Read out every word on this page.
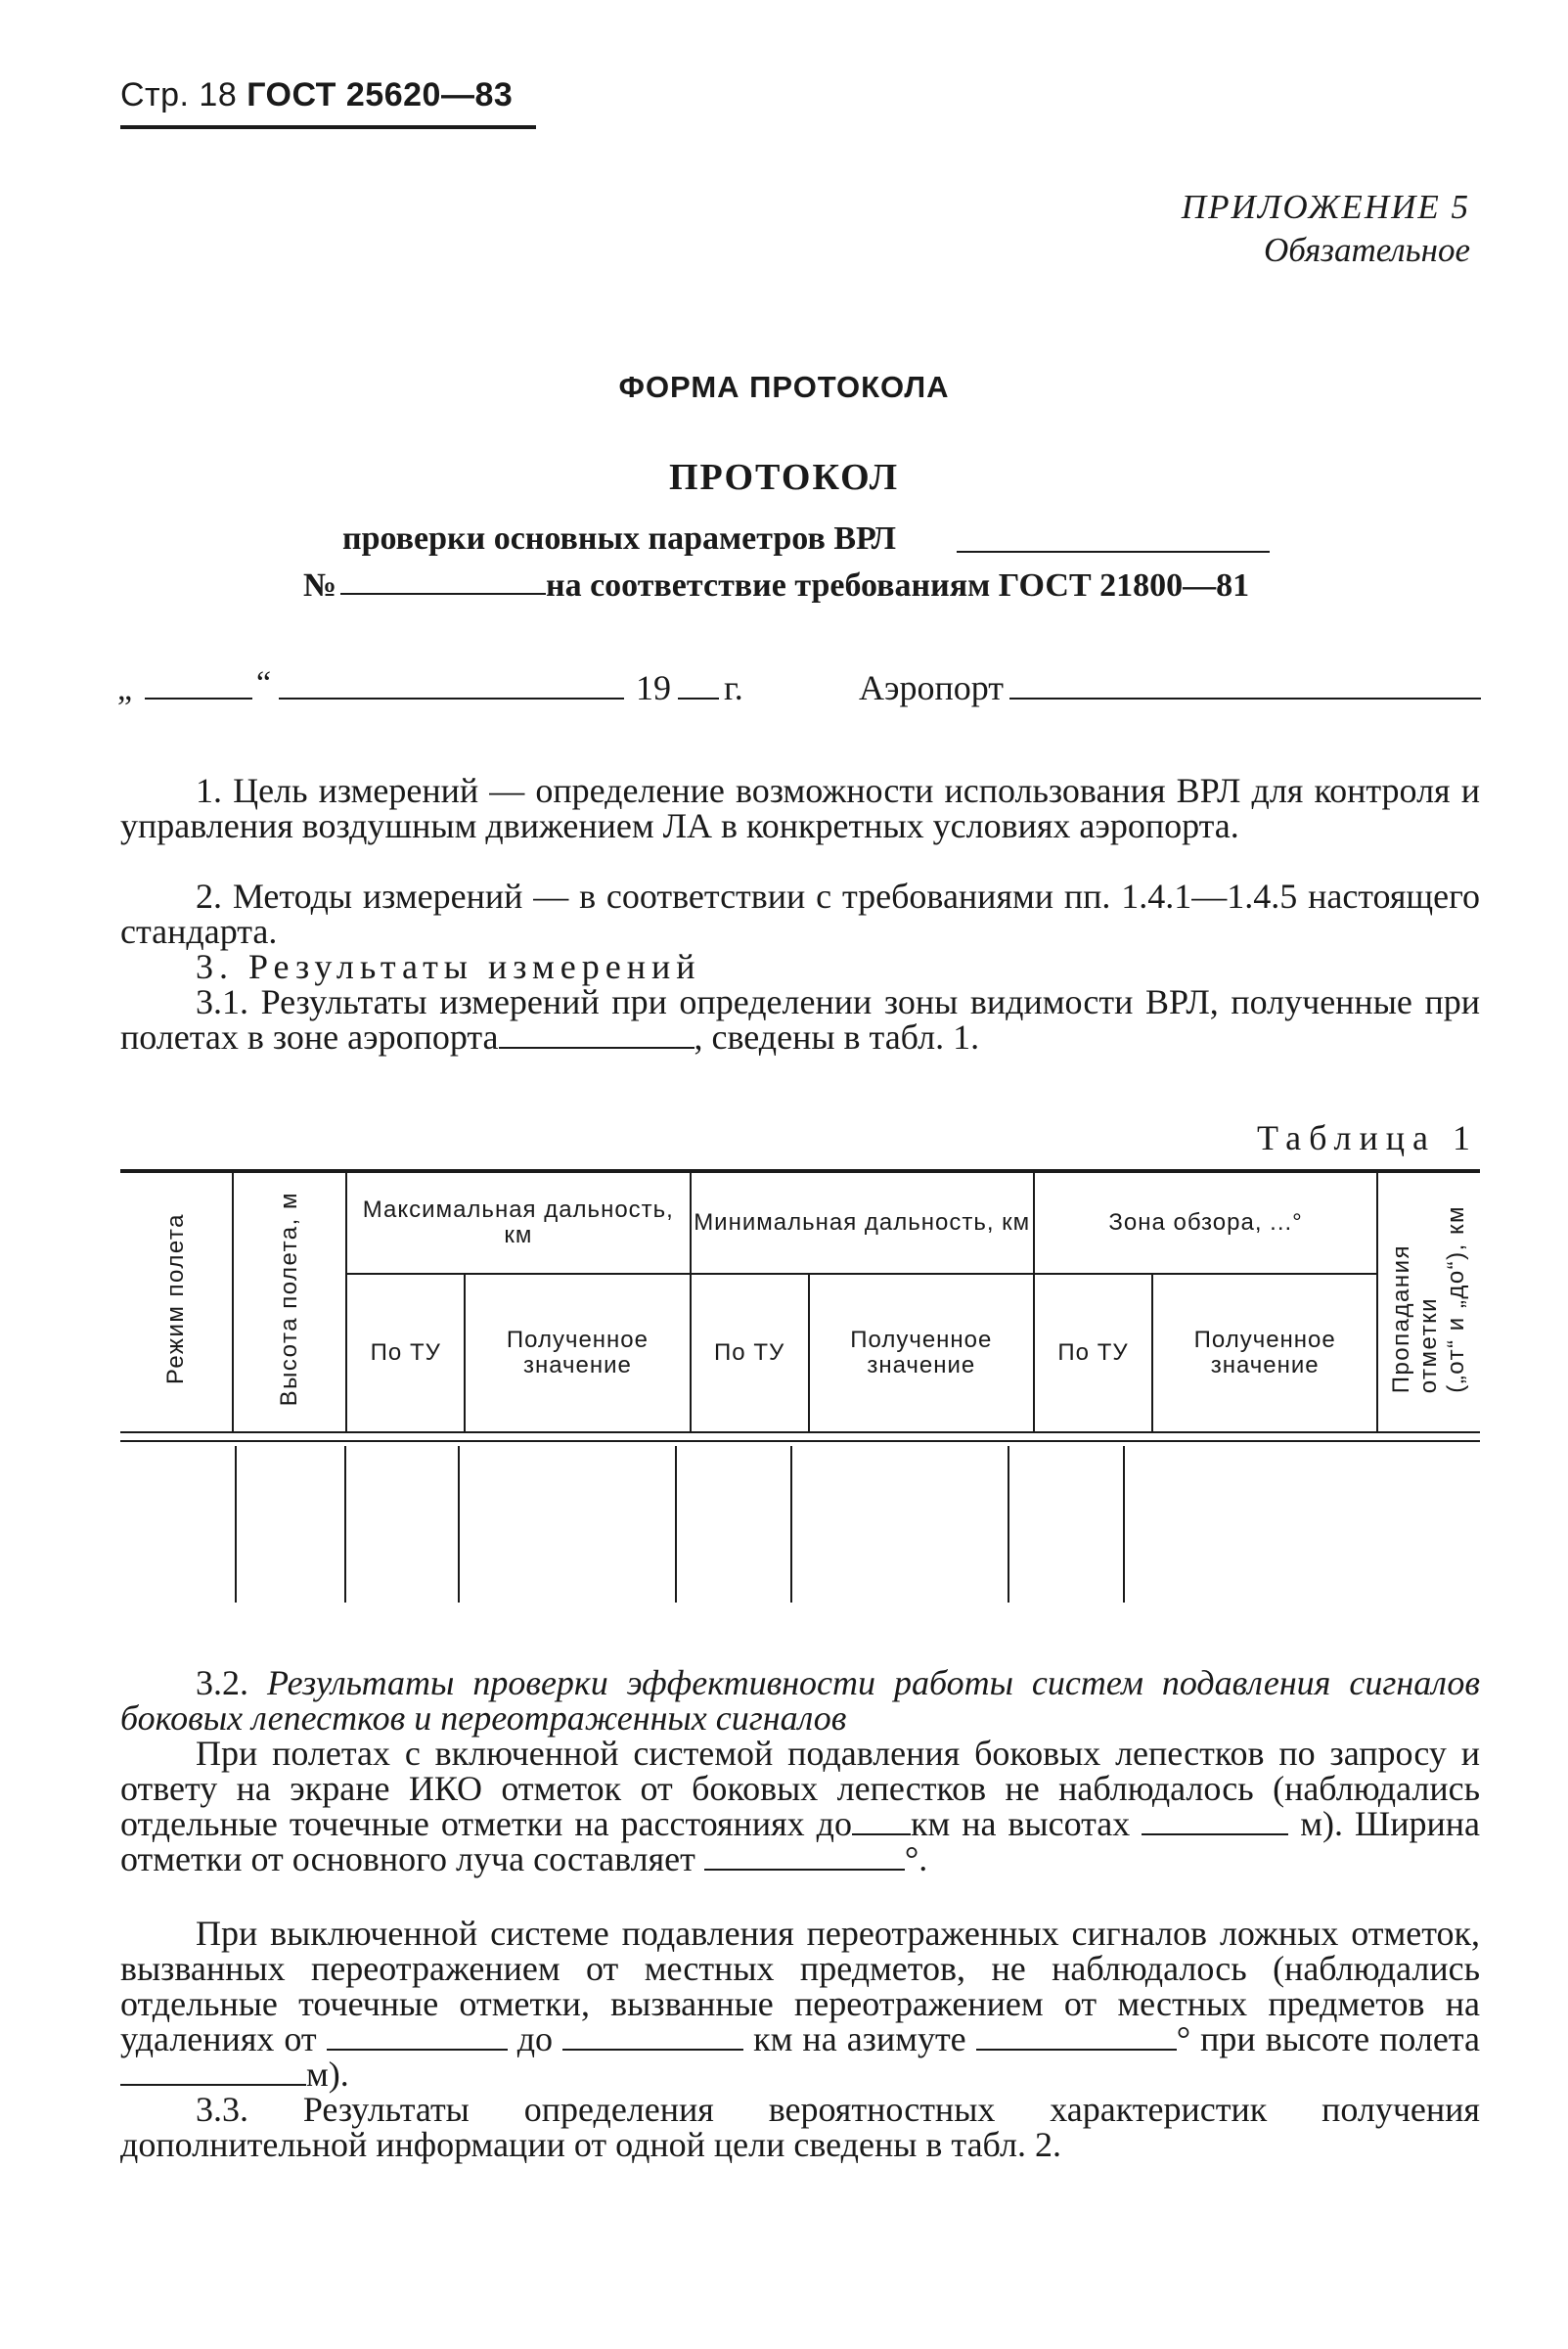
Стр. 18 ГОСТ 25620—83
ПРИЛОЖЕНИЕ 5
Обязательное
ФОРМА ПРОТОКОЛА
ПРОТОКОЛ
проверки основных параметров ВРЛ
№	на соответствие требованиям ГОСТ 21800—81
„	“	19 г.	Аэропорт
1. Цель измерений — определение возможности использования ВРЛ для контроля и управления воздушным движением ЛА в конкретных условиях аэропорта.
2. Методы измерений — в соответствии с требованиями пп. 1.4.1—1.4.5 настоящего стандарта.
3. Результаты измерений
3.1. Результаты измерений при определении зоны видимости ВРЛ, полученные при полетах в зоне аэропорта	, сведены в табл. 1.
Таблица 1
Режим полета	Высота полета, м	Максимальная дальность, км		Минимальная дальность, км		Зона обзора, ...°		Пропаданияотметки(„от“ и „до“), км
		По ТУ	Полученное значение	По ТУ	Полученное значение	По ТУ	Полученное значение	
3.2. Результаты проверки эффективности работы систем подавления сигналов боковых лепестков и переотраженных сигналов
При полетах с включенной системой подавления боковых лепестков по запросу и ответу на экране ИКО отметок от боковых лепестков не наблюдалось (наблюдались отдельные точечные отметки на расстояниях до км на высотах	м). Ширина отметки от основного луча составляет	°.
При выключенной системе подавления переотраженных сигналов ложных отметок, вызванных переотражением от местных предметов, не наблюдалось (наблюдались отдельные точечные отметки, вызванные переотражением от местных предметов на удалениях от	до	км на азимуте	° при высоте полетам).
3.3. Результаты определения вероятностных характеристик получения дополнительной информации от одной цели сведены в табл. 2.
